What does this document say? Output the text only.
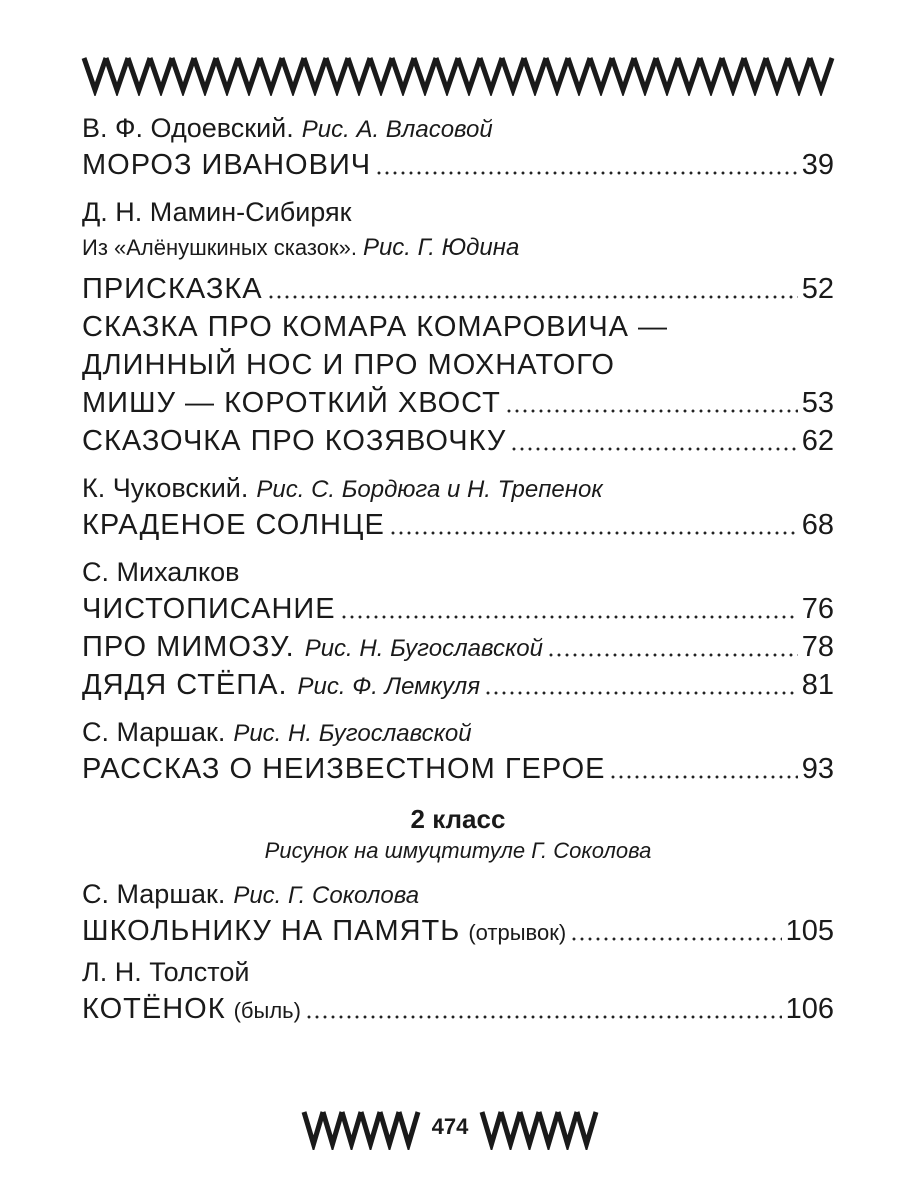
В. Ф. Одоевский. Рис. А. Власовой
МОРОЗ ИВАНОВИЧ	39
Д. Н. Мамин-Сибиряк
Из «Алёнушкиных сказок». Рис. Г. Юдина
ПРИСКАЗКА	52
СКАЗКА ПРО КОМАРА КОМАРОВИЧА —
ДЛИННЫЙ НОС И ПРО МОХНАТОГО
МИШУ — КОРОТКИЙ ХВОСТ	53
СКАЗОЧКА ПРО КОЗЯВОЧКУ	62
К. Чуковский. Рис. С. Бордюга и Н. Трепенок
КРАДЕНОЕ СОЛНЦЕ	68
С. Михалков
ЧИСТОПИСАНИЕ	76
ПРО МИМОЗУ. Рис. Н. Бугославской	78
ДЯДЯ СТЁПА. Рис. Ф. Лемкуля	81
С. Маршак. Рис. Н. Бугославской
РАССКАЗ О НЕИЗВЕСТНОМ ГЕРОЕ	93
2 класс
Рисунок на шмуцтитуле Г. Соколова
С. Маршак. Рис. Г. Соколова
ШКОЛЬНИКУ НА ПАМЯТЬ (отрывок)	105
Л. Н. Толстой
КОТЁНОК (быль)	106
474
